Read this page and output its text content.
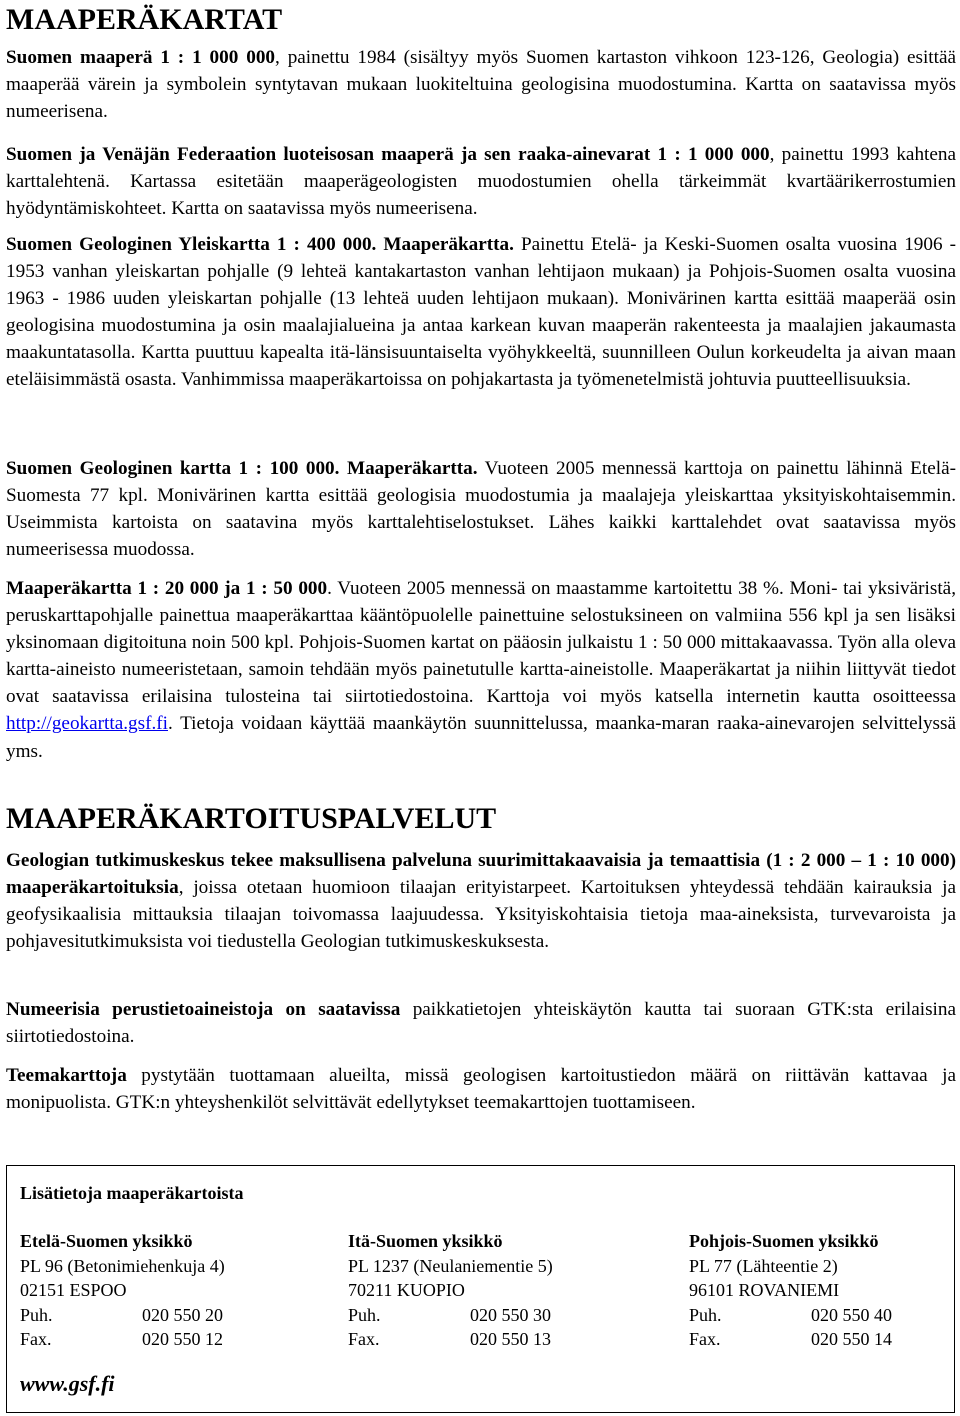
MAAPERÄKARTAT

Suomen maaperä 1 : 1 000 000, painettu 1984 (sisältyy myös Suomen kartaston vihkoon 123-126, Geologia) esittää maaperää värein ja symbolein syntytavan mukaan luokiteltuina geologisina muodostumina. Kartta on saatavissa myös numeerisena.

Suomen ja Venäjän Federaation luoteisosan maaperä ja sen raaka-ainevarat 1 : 1 000 000, painettu 1993 kahtena karttalehtenä. Kartassa esitetään maaperägeologisten muodostumien ohella tärkeimmät kvartäärikerrostumien hyödyntämiskohteet. Kartta on saatavissa myös numeerisena.

Suomen Geologinen Yleiskartta 1 : 400 000. Maaperäkartta. Painettu Etelä- ja Keski-Suomen osalta vuosina 1906 - 1953 vanhan yleiskartan pohjalle (9 lehteä kantakartaston vanhan lehtijaon mukaan) ja Pohjois-Suomen osalta vuosina 1963 - 1986 uuden yleiskartan pohjalle (13 lehteä uuden lehtijaon mukaan). Monivärinen kartta esittää maaperää osin geologisina muodostumina ja osin maalajialueina ja antaa karkean kuvan maaperän rakenteesta ja maalajien jakaumasta maakuntatasolla. Kartta puuttuu kapealta itä-länsisuuntaiselta vyöhykkeeltä, suunnilleen Oulun korkeudelta ja aivan maan eteläisimmästä osasta. Vanhimmissa maaperäkartoissa on pohjakartasta ja työmenetelmistä johtuvia puutteellisuuksia.

Suomen Geologinen kartta 1 : 100 000. Maaperäkartta. Vuoteen 2005 mennessä karttoja on painettu lähinnä Etelä-Suomesta 77 kpl. Monivärinen kartta esittää geologisia muodostumia ja maalajeja yleiskarttaa yksityiskohtaisemmin. Useimmista kartoista on saatavina myös karttalehtiselostukset. Lähes kaikki karttalehdet ovat saatavissa myös numeerisessa muodossa.

Maaperäkartta 1 : 20 000 ja 1 : 50 000. Vuoteen 2005 mennessä on maastamme kartoitettu 38 %. Moni- tai yksiväristä, peruskarttapohjalle painettua maaperäkarttaa kääntöpuolelle painettuine selostuksineen on valmiina 556 kpl ja sen lisäksi yksinomaan digitoituna noin 500 kpl. Pohjois-Suomen kartat on pääosin julkaistu 1 : 50 000 mittakaavassa. Työn alla oleva kartta-aineisto numeeristetaan, samoin tehdään myös painetutulle kartta-aineistolle. Maaperäkartat ja niihin liittyvät tiedot ovat saatavissa erilaisina tulosteina tai siirtotiedostoina. Karttoja voi myös katsella internetin kautta osoitteessa http://geokartta.gsf.fi. Tietoja voidaan käyttää maankäytön suunnittelussa, maanka-maran raaka-ainevarojen selvittelyssä yms.

MAAPERÄKARTOITUSPALVELUT

Geologian tutkimuskeskus tekee maksullisena palveluna suurimittakaavaisia ja temaattisia (1 : 2 000 – 1 : 10 000) maaperäkartoituksia, joissa otetaan huomioon tilaajan erityistarpeet. Kartoituksen yhteydessä tehdään kairauksia ja geofysikaalisia mittauksia tilaajan toivomassa laajuudessa. Yksityiskohtaisia tietoja maa-aineksista, turvevaroista ja pohjavesitutkimuksista voi tiedustella Geologian tutkimuskeskuksesta.

Numeerisia perustietoaineistoja on saatavissa paikkatietojen yhteiskäytön kautta tai suoraan GTK:sta erilaisina siirtotiedostoina.

Teemakarttoja pystytään tuottamaan alueilta, missä geologisen kartoitustiedon määrä on riittävän kattavaa ja monipuolista. GTK:n yhteyshenkilöt selvittävät edellytykset teemakarttojen tuottamiseen.

Lisätietoja maaperäkartoista
Etelä-Suomen yksikkö
PL 96 (Betonimiehenkuja 4)
02151 ESPOO
Puh.	020 550 20
Fax.	020 550 12
Itä-Suomen yksikkö
PL 1237 (Neulaniementie 5)
70211 KUOPIO
Puh.	020 550 30
Fax.	020 550 13
Pohjois-Suomen yksikkö
PL 77 (Lähteentie 2)
96101 ROVANIEMI
Puh.	020 550 40
Fax.	020 550 14
www.gsf.fi
